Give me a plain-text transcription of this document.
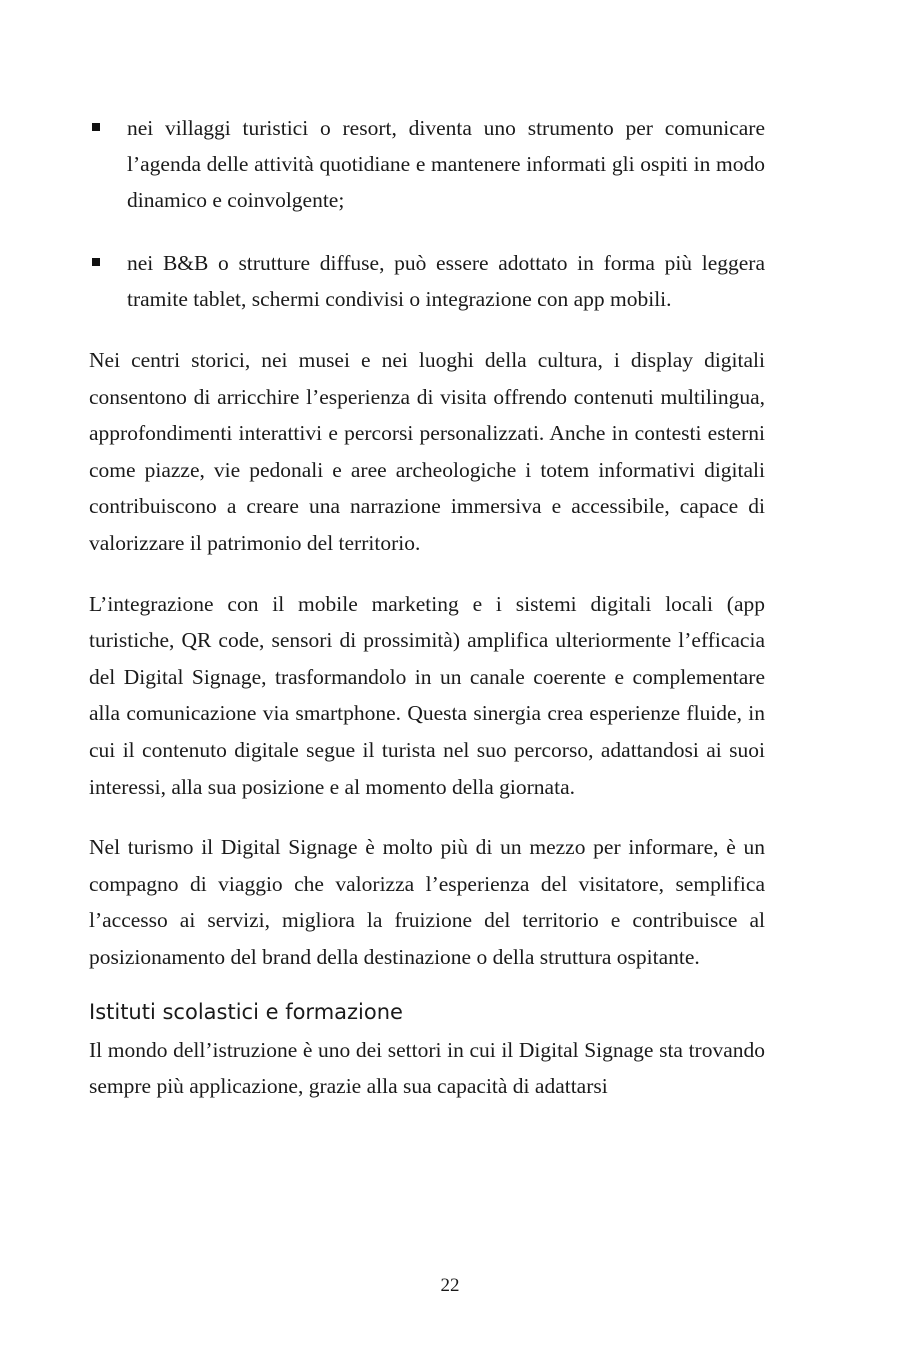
nei villaggi turistici o resort, diventa uno strumento per comunicare l’agenda delle attività quotidiane e mantenere informati gli ospiti in modo dinamico e coinvolgente;
nei B&B o strutture diffuse, può essere adottato in forma più leggera tramite tablet, schermi condivisi o integrazione con app mobili.

Nei centri storici, nei musei e nei luoghi della cultura, i display digitali consentono di arricchire l’esperienza di visita offrendo contenuti multilingua, approfondimenti interattivi e percorsi personalizzati. Anche in contesti esterni come piazze, vie pedonali e aree archeologiche i totem informativi digitali contribuiscono a creare una narrazione immersiva e accessibile, capace di valorizzare il patrimonio del territorio.

L’integrazione con il mobile marketing e i sistemi digitali locali (app turistiche, QR code, sensori di prossimità) amplifica ulteriormente l’efficacia del Digital Signage, trasformandolo in un canale coerente e complementare alla comunicazione via smartphone. Questa sinergia crea esperienze fluide, in cui il contenuto digitale segue il turista nel suo percorso, adattandosi ai suoi interessi, alla sua posizione e al momento della giornata.

Nel turismo il Digital Signage è molto più di un mezzo per informare, è un compagno di viaggio che valorizza l’esperienza del visitatore, semplifica l’accesso ai servizi, migliora la fruizione del territorio e contribuisce al posizionamento del brand della destinazione o della struttura ospitante.

Istituti scolastici e formazione

Il mondo dell’istruzione è uno dei settori in cui il Digital Signage sta trovando sempre più applicazione, grazie alla sua capacità di adattarsi

22
